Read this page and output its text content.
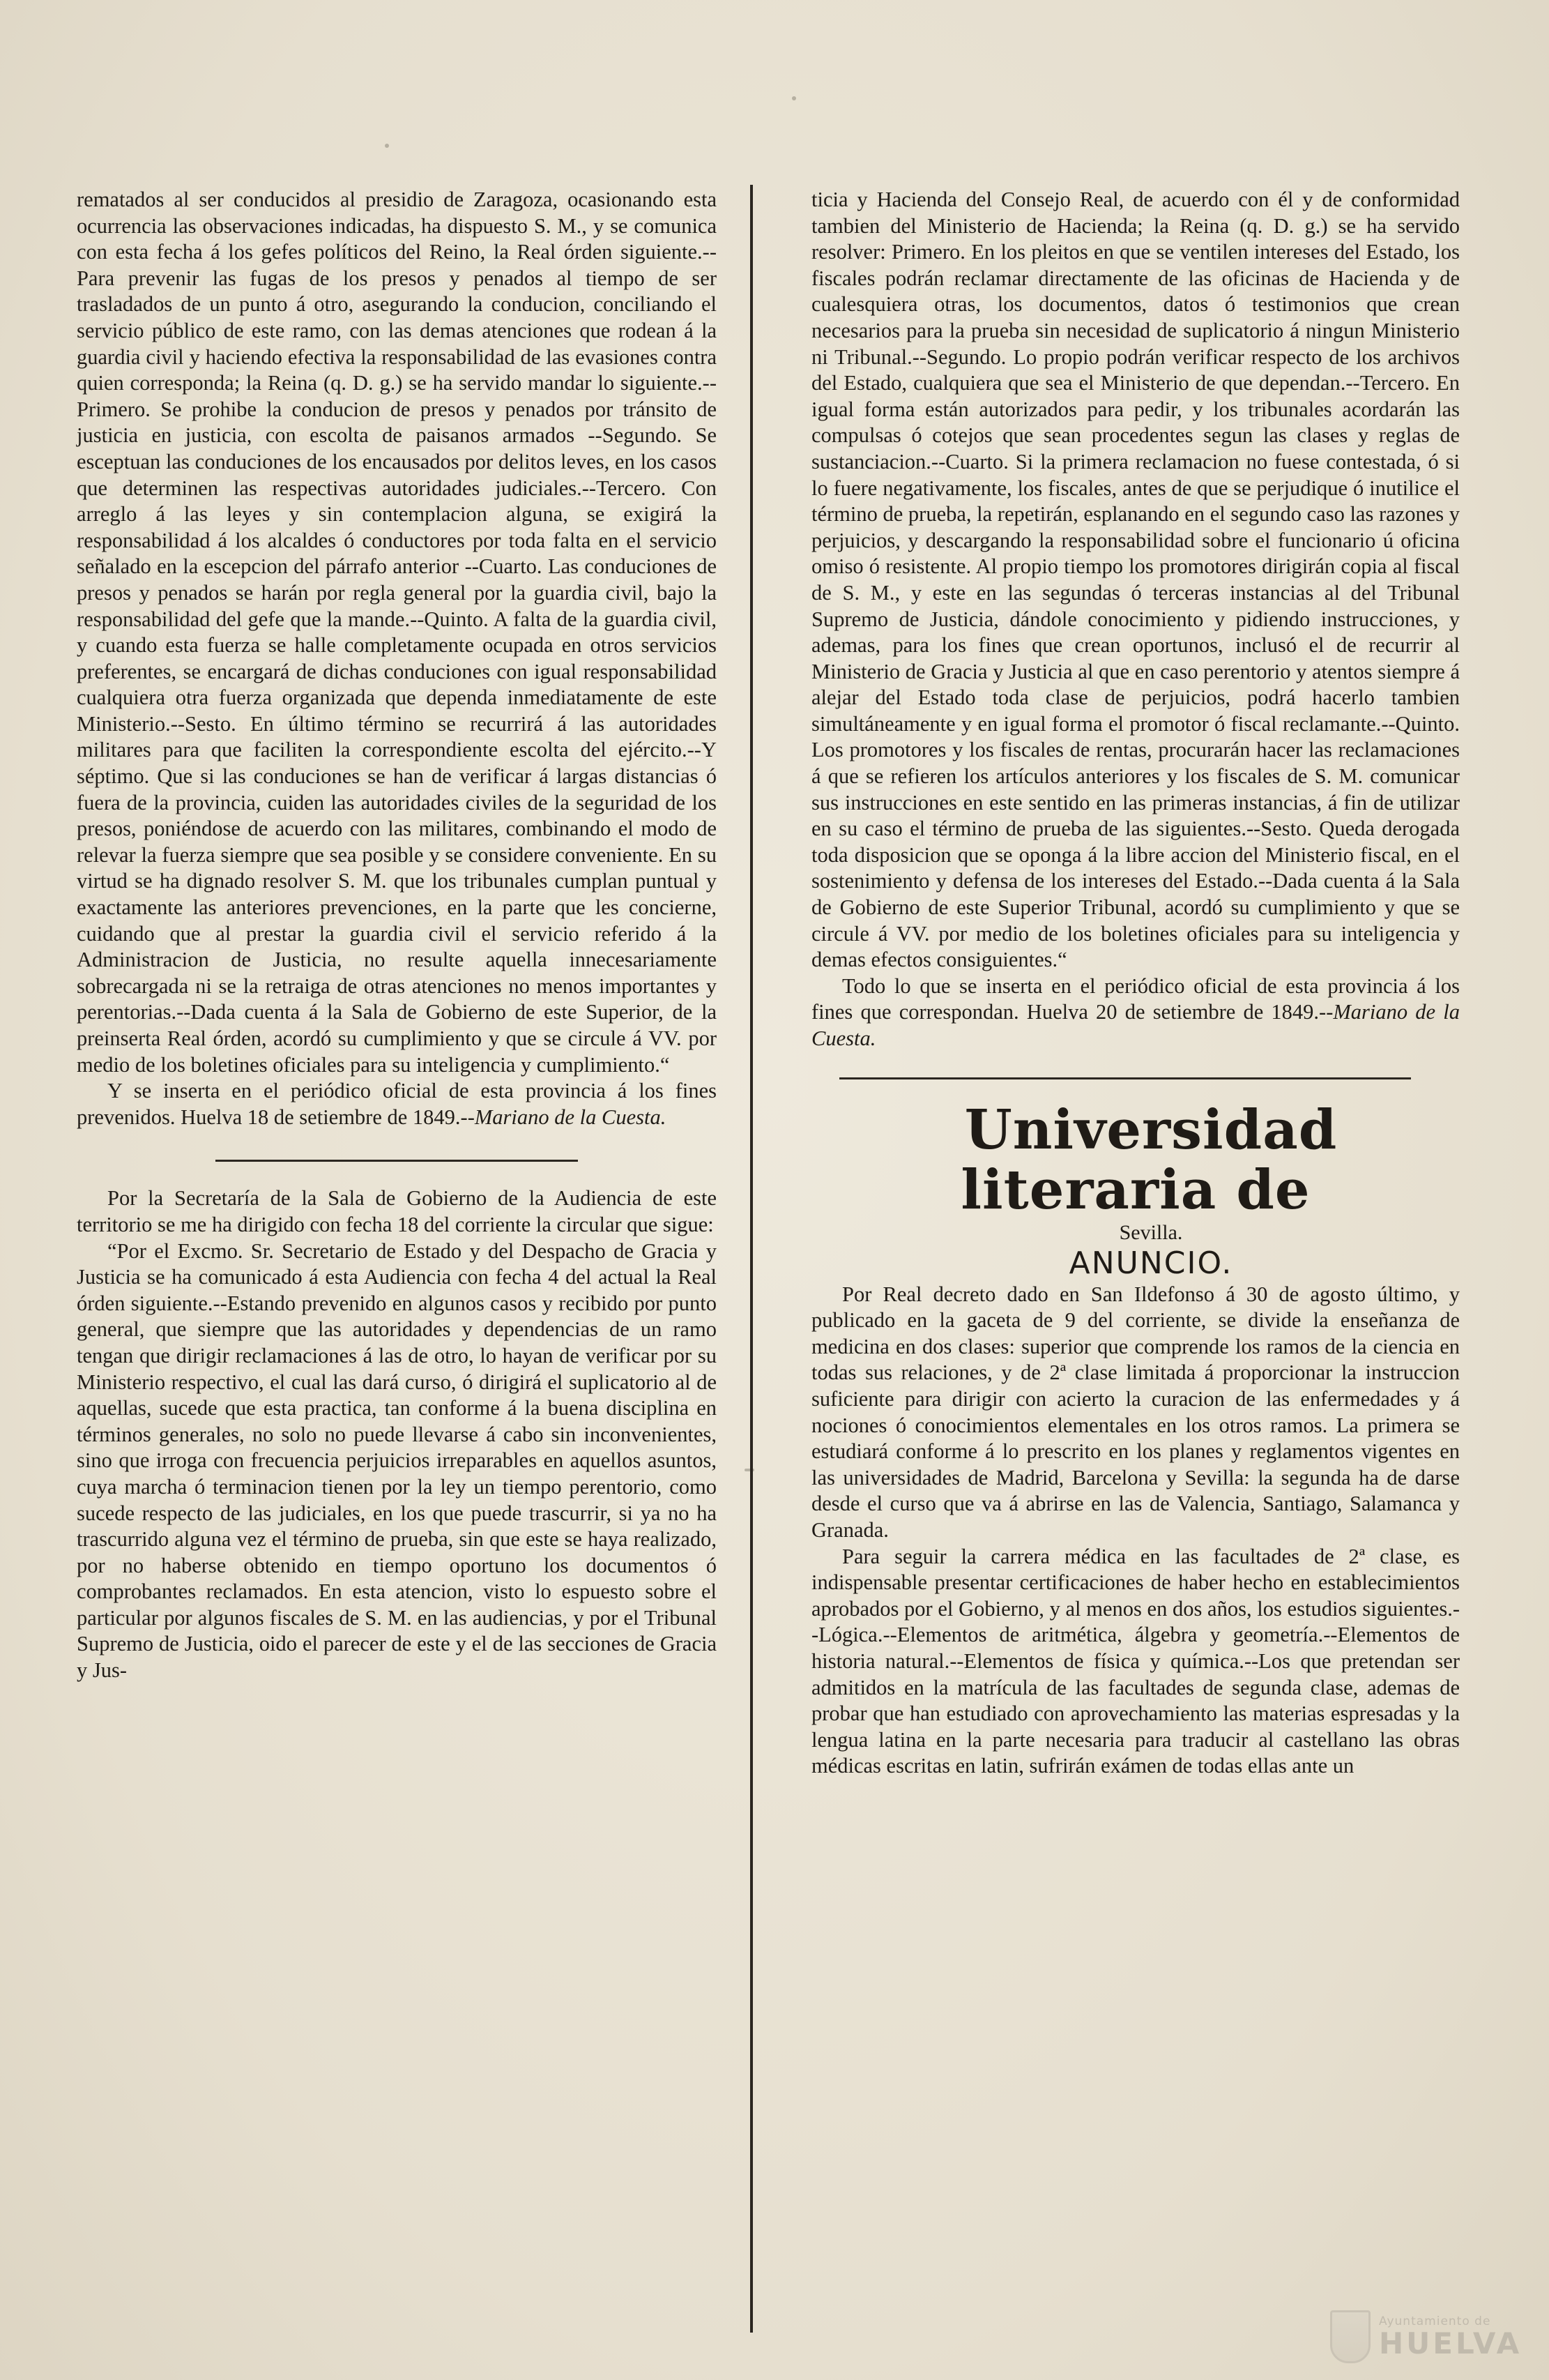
rematados al ser conducidos al presidio de Zaragoza, ocasionando esta ocurrencia las observaciones indicadas, ha dispuesto S. M., y se comunica con esta fecha á los gefes políticos del Reino, la Real órden siguiente.--Para prevenir las fugas de los presos y penados al tiempo de ser trasladados de un punto á otro, asegurando la conducion, conciliando el servicio público de este ramo, con las demas atenciones que rodean á la guardia civil y haciendo efectiva la responsabilidad de las evasiones contra quien corresponda; la Reina (q. D. g.) se ha servido mandar lo siguiente.--Primero. Se prohibe la conducion de presos y penados por tránsito de justicia en justicia, con escolta de paisanos armados --Segundo. Se esceptuan las conduciones de los encausados por delitos leves, en los casos que determinen las respectivas autoridades judiciales.--Tercero. Con arreglo á las leyes y sin contemplacion alguna, se exigirá la responsabilidad á los alcaldes ó conductores por toda falta en el servicio señalado en la escepcion del párrafo anterior --Cuarto. Las conduciones de presos y penados se harán por regla general por la guardia civil, bajo la responsabilidad del gefe que la mande.--Quinto. A falta de la guardia civil, y cuando esta fuerza se halle completamente ocupada en otros servicios preferentes, se encargará de dichas conduciones con igual responsabilidad cualquiera otra fuerza organizada que dependa inmediatamente de este Ministerio.--Sesto. En último término se recurrirá á las autoridades militares para que faciliten la correspondiente escolta del ejército.--Y séptimo. Que si las conduciones se han de verificar á largas distancias ó fuera de la provincia, cuiden las autoridades civiles de la seguridad de los presos, poniéndose de acuerdo con las militares, combinando el modo de relevar la fuerza siempre que sea posible y se considere conveniente. En su virtud se ha dignado resolver S. M. que los tribunales cumplan puntual y exactamente las anteriores prevenciones, en la parte que les concierne, cuidando que al prestar la guardia civil el servicio referido á la Administracion de Justicia, no resulte aquella innecesariamente sobrecargada ni se la retraiga de otras atenciones no menos importantes y perentorias.--Dada cuenta á la Sala de Gobierno de este Superior, de la preinserta Real órden, acordó su cumplimiento y que se circule á VV. por medio de los boletines oficiales para su inteligencia y cumplimiento.“

Y se inserta en el periódico oficial de esta provincia á los fines prevenidos. Huelva 18 de setiembre de 1849.--Mariano de la Cuesta.

Por la Secretaría de la Sala de Gobierno de la Audiencia de este territorio se me ha dirigido con fecha 18 del corriente la circular que sigue:

“Por el Excmo. Sr. Secretario de Estado y del Despacho de Gracia y Justicia se ha comunicado á esta Audiencia con fecha 4 del actual la Real órden siguiente.--Estando prevenido en algunos casos y recibido por punto general, que siempre que las autoridades y dependencias de un ramo tengan que dirigir reclamaciones á las de otro, lo hayan de verificar por su Ministerio respectivo, el cual las dará curso, ó dirigirá el suplicatorio al de aquellas, sucede que esta practica, tan conforme á la buena disciplina en términos generales, no solo no puede llevarse á cabo sin inconvenientes, sino que irroga con frecuencia perjuicios irreparables en aquellos asuntos, cuya marcha ó terminacion tienen por la ley un tiempo perentorio, como sucede respecto de las judiciales, en los que puede trascurrir, si ya no ha trascurrido alguna vez el término de prueba, sin que este se haya realizado, por no haberse obtenido en tiempo oportuno los documentos ó comprobantes reclamados. En esta atencion, visto lo espuesto sobre el particular por algunos fiscales de S. M. en las audiencias, y por el Tribunal Supremo de Justicia, oido el parecer de este y el de las secciones de Gracia y Jus-

ticia y Hacienda del Consejo Real, de acuerdo con él y de conformidad tambien del Ministerio de Hacienda; la Reina (q. D. g.) se ha servido resolver: Primero. En los pleitos en que se ventilen intereses del Estado, los fiscales podrán reclamar directamente de las oficinas de Hacienda y de cualesquiera otras, los documentos, datos ó testimonios que crean necesarios para la prueba sin necesidad de suplicatorio á ningun Ministerio ni Tribunal.--Segundo. Lo propio podrán verificar respecto de los archivos del Estado, cualquiera que sea el Ministerio de que dependan.--Tercero. En igual forma están autorizados para pedir, y los tribunales acordarán las compulsas ó cotejos que sean procedentes segun las clases y reglas de sustanciacion.--Cuarto. Si la primera reclamacion no fuese contestada, ó si lo fuere negativamente, los fiscales, antes de que se perjudique ó inutilice el término de prueba, la repetirán, esplanando en el segundo caso las razones y perjuicios, y descargando la responsabilidad sobre el funcionario ú oficina omiso ó resistente. Al propio tiempo los promotores dirigirán copia al fiscal de S. M., y este en las segundas ó terceras instancias al del Tribunal Supremo de Justicia, dándole conocimiento y pidiendo instrucciones, y ademas, para los fines que crean oportunos, inclusó el de recurrir al Ministerio de Gracia y Justicia al que en caso perentorio y atentos siempre á alejar del Estado toda clase de perjuicios, podrá hacerlo tambien simultáneamente y en igual forma el promotor ó fiscal reclamante.--Quinto. Los promotores y los fiscales de rentas, procurarán hacer las reclamaciones á que se refieren los artículos anteriores y los fiscales de S. M. comunicar sus instrucciones en este sentido en las primeras instancias, á fin de utilizar en su caso el término de prueba de las siguientes.--Sesto. Queda derogada toda disposicion que se oponga á la libre accion del Ministerio fiscal, en el sostenimiento y defensa de los intereses del Estado.--Dada cuenta á la Sala de Gobierno de este Superior Tribunal, acordó su cumplimiento y que se circule á VV. por medio de los boletines oficiales para su inteligencia y demas efectos consiguientes.“

Todo lo que se inserta en el periódico oficial de esta provincia á los fines que correspondan. Huelva 20 de setiembre de 1849.--Mariano de la Cuesta.

Universidad literaria de

Sevilla.

ANUNCIO.

Por Real decreto dado en San Ildefonso á 30 de agosto último, y publicado en la gaceta de 9 del corriente, se divide la enseñanza de medicina en dos clases: superior que comprende los ramos de la ciencia en todas sus relaciones, y de 2ª clase limitada á proporcionar la instruccion suficiente para dirigir con acierto la curacion de las enfermedades y á nociones ó conocimientos elementales en los otros ramos. La primera se estudiará conforme á lo prescrito en los planes y reglamentos vigentes en las universidades de Madrid, Barcelona y Sevilla: la segunda ha de darse desde el curso que va á abrirse en las de Valencia, Santiago, Salamanca y Granada.

Para seguir la carrera médica en las facultades de 2ª clase, es indispensable presentar certificaciones de haber hecho en establecimientos aprobados por el Gobierno, y al menos en dos años, los estudios siguientes.--Lógica.--Elementos de aritmética, álgebra y geometría.--Elementos de historia natural.--Elementos de física y química.--Los que pretendan ser admitidos en la matrícula de las facultades de segunda clase, ademas de probar que han estudiado con aprovechamiento las materias espresadas y la lengua latina en la parte necesaria para traducir al castellano las obras médicas escritas en latin, sufrirán exámen de todas ellas ante un

Ayuntamiento de
HUELVA
